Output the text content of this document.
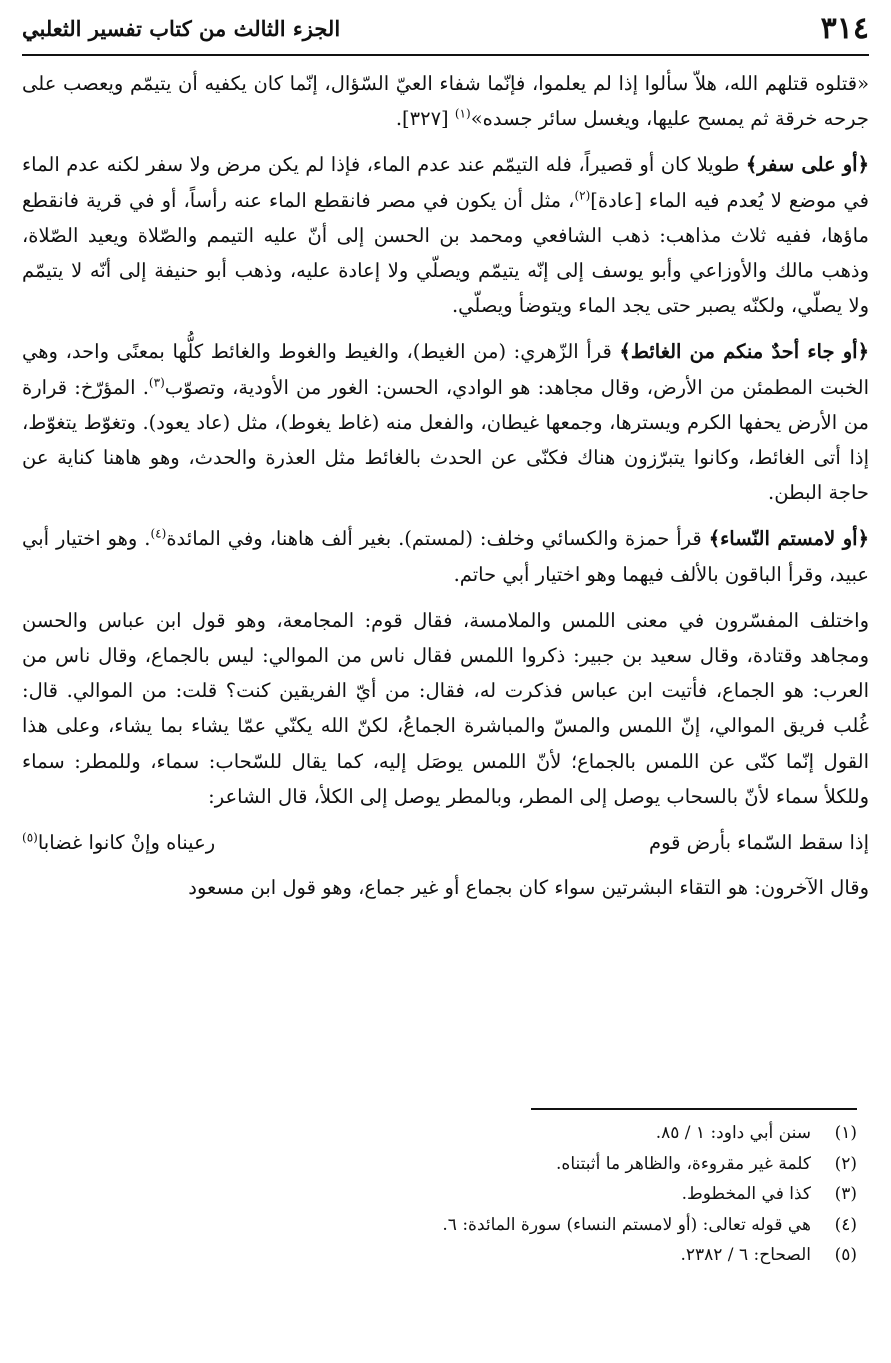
٣١٤
الجزء الثالث من كتاب تفسير الثعلبي

«قتلوه قتلهم الله، هلاّ سألوا إذا لم يعلموا، فإنّما شفاء العيّ السّؤال، إنّما كان يكفيه أن يتيمّم ويعصب على جرحه خرقة ثم يمسح عليها، ويغسل سائر جسده»$^{(١)}$ [٣٢٧].

﴿أو على سفر﴾ طويلا كان أو قصيراً، فله التيمّم عند عدم الماء، فإذا لم يكن مرض ولا سفر لكنه عدم الماء في موضع لا يُعدم فيه الماء [عادة]$^{(٢)}$، مثل أن يكون في مصر فانقطع الماء عنه رأساً، أو في قرية فانقطع ماؤها، ففيه ثلاث مذاهب: ذهب الشافعي ومحمد بن الحسن إلى أنّ عليه التيمم والصّلاة ويعيد الصّلاة، وذهب مالك والأوزاعي وأبو يوسف إلى إنّه يتيمّم ويصلّي ولا إعادة عليه، وذهب أبو حنيفة إلى أنّه لا يتيمّم ولا يصلّي، ولكنّه يصبر حتى يجد الماء ويتوضأ ويصلّي.

﴿أو جاء أحدٌ منكم من الغائط﴾ قرأ الزّهري: (من الغيط)، والغيط والغوط والغائط كلُّها بمعنًى واحد، وهي الخبت المطمئن من الأرض، وقال مجاهد: هو الوادي، الحسن: الغور من الأودية، وتصوّب$^{(٣)}$. المؤرّخ: قرارة من الأرض يحفها الكرم ويسترها، وجمعها غيطان، والفعل منه (غاط يغوط)، مثل (عاد يعود). وتغوّط يتغوّط، إذا أتى الغائط، وكانوا يتبرّزون هناك فكنّى عن الحدث بالغائط مثل العذرة والحدث، وهو هاهنا كناية عن حاجة البطن.

﴿أو لامستم النّساء﴾ قرأ حمزة والكسائي وخلف: (لمستم). بغير ألف هاهنا، وفي المائدة$^{(٤)}$. وهو اختيار أبي عبيد، وقرأ الباقون بالألف فيهما وهو اختيار أبي حاتم.

واختلف المفسّرون في معنى اللمس والملامسة، فقال قوم: المجامعة، وهو قول ابن عباس والحسن ومجاهد وقتادة، وقال سعيد بن جبير: ذكروا اللمس فقال ناس من الموالي: ليس بالجماع، وقال ناس من العرب: هو الجماع، فأتيت ابن عباس فذكرت له، فقال: من أيّ الفريقين كنت؟ قلت: من الموالي. قال: غُلب فريق الموالي، إنّ اللمس والمسّ والمباشرة الجماعُ، لكنّ الله يكنّي عمّا يشاء بما يشاء، وعلى هذا القول إنّما كنّى عن اللمس بالجماع؛ لأنّ اللمس يوصَل إليه، كما يقال للسّحاب: سماء، وللمطر: سماء وللكلأ سماء لأنّ بالسحاب يوصل إلى المطر، وبالمطر يوصل إلى الكلأ، قال الشاعر:

إذا سقط السّماء بأرض قوم
رعيناه وإنْ كانوا غضابا$^{(٥)}$

وقال الآخرون: هو التقاء البشرتين سواء كان بجماع أو غير جماع، وهو قول ابن مسعود

(١)
سنن أبي داود: ١ / ٨٥.
(٢)
كلمة غير مقروءة، والظاهر ما أثبتناه.
(٣)
كذا في المخطوط.
(٤)
هي قوله تعالى: (أو لامستم النساء) سورة المائدة: ٦.
(٥)
الصحاح: ٦ / ٢٣٨٢.
